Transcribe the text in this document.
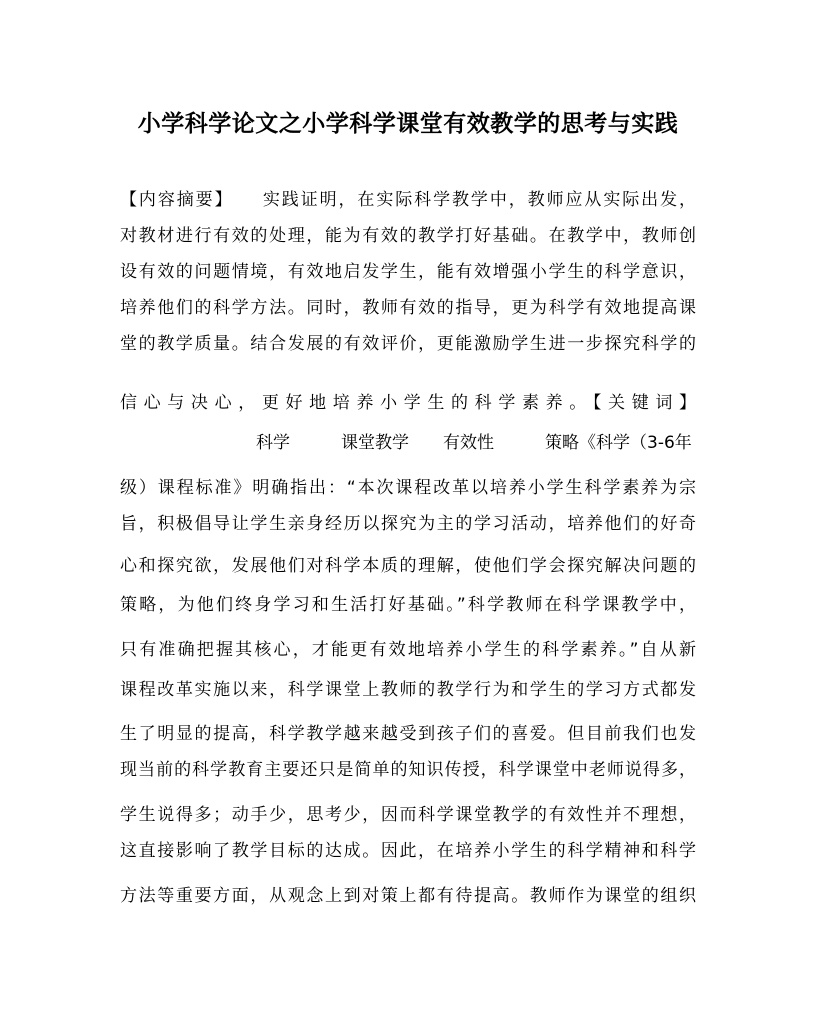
小学科学论文之小学科学课堂有效教学的思考与实践
【内容摘要】　　实践证明，在实际科学教学中，教师应从实际出发，
对教材进行有效的处理，能为有效的教学打好基础。在教学中，教师创
设有效的问题情境，有效地启发学生，能有效增强小学生的科学意识，
培养他们的科学方法。同时，教师有效的指导，更为科学有效地提高课
堂的教学质量。结合发展的有效评价，更能激励学生进一步探究科学的
信心与决心，更好地培养小学生的科学素养。【关键词】
　　　　　　　　科学　　　课堂教学　　有效性　　　策略《科学（3-6年
级）课程标准》明确指出：“本次课程改革以培养小学生科学素养为宗
旨，积极倡导让学生亲身经历以探究为主的学习活动，培养他们的好奇
心和探究欲，发展他们对科学本质的理解，使他们学会探究解决问题的
策略，为他们终身学习和生活打好基础。”科学教师在科学课教学中，
只有准确把握其核心，才能更有效地培养小学生的科学素养。”自从新
课程改革实施以来，科学课堂上教师的教学行为和学生的学习方式都发
生了明显的提高，科学教学越来越受到孩子们的喜爱。但目前我们也发
现当前的科学教育主要还只是简单的知识传授，科学课堂中老师说得多，
学生说得多；动手少，思考少，因而科学课堂教学的有效性并不理想，
这直接影响了教学目标的达成。因此，在培养小学生的科学精神和科学
方法等重要方面，从观念上到对策上都有待提高。教师作为课堂的组织
